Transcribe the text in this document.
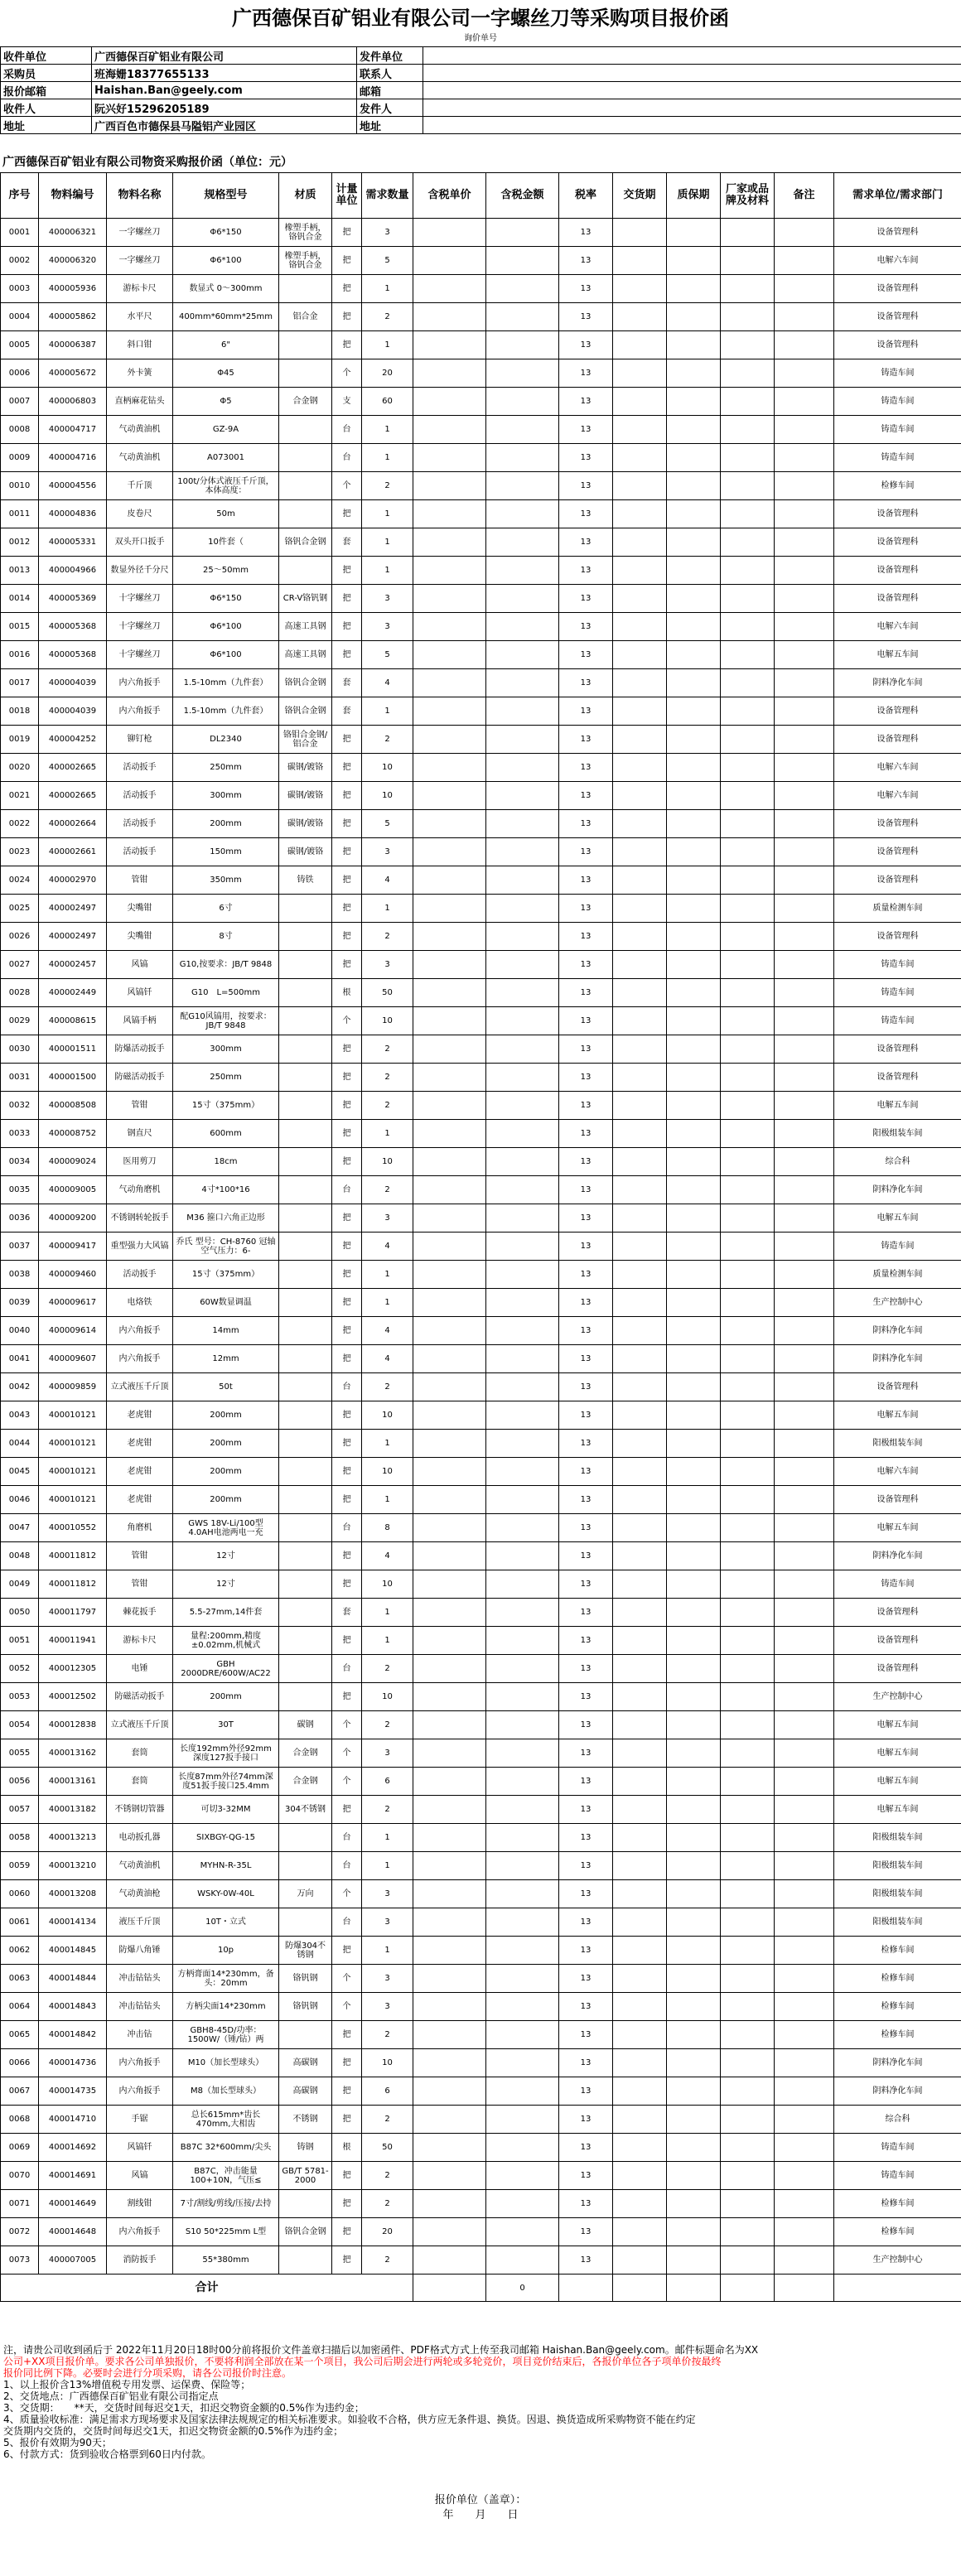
广西德保百矿铝业有限公司一字螺丝刀等采购项目报价函
询价单号
收件单位	广西德保百矿铝业有限公司	发件单位	
采购员	班海姗18377655133	联系人	
报价邮箱	Haishan.Ban@geely.com	邮箱	
收件人	阮兴好15296205189	发件人	
地址	广西百色市德保县马隘铝产业园区	地址	
广西德保百矿铝业有限公司物资采购报价函（单位：元）
序号	物料编号	物料名称	规格型号	材质	计量单位	需求数量	含税单价	含税金额	税率	交货期	质保期	厂家或品牌及材料	备注	需求单位/需求部门
0001	400006321	一字螺丝刀	Φ6*150	橡塑手柄，铬钒合金	把	3			13					设备管理科
0002	400006320	一字螺丝刀	Φ6*100	橡塑手柄，铬钒合金	把	5			13					电解六车间
0003	400005936	游标卡尺	数显式 0～300mm		把	1			13					设备管理科
0004	400005862	水平尺	400mm*60mm*25mm	铝合金	把	2			13					设备管理科
0005	400006387	斜口钳	6"		把	1			13					设备管理科
0006	400005672	外卡簧	Φ45		个	20			13					铸造车间
0007	400006803	直柄麻花钻头	Φ5	合金钢	支	60			13					铸造车间
0008	400004717	气动黄油机	GZ-9A		台	1			13					铸造车间
0009	400004716	气动黄油机	A073001		台	1			13					铸造车间
0010	400004556	千斤顶	100t/分体式液压千斤顶，本体高度：		个	2			13					检修车间
0011	400004836	皮卷尺	50m		把	1			13					设备管理科
0012	400005331	双头开口扳手	10件套（	铬钒合金钢	套	1			13					设备管理科
0013	400004966	数显外径千分尺	25～50mm		把	1			13					设备管理科
0014	400005369	十字螺丝刀	Φ6*150	CR-V铬钒钢	把	3			13					设备管理科
0015	400005368	十字螺丝刀	Φ6*100	高速工具钢	把	3			13					电解六车间
0016	400005368	十字螺丝刀	Φ6*100	高速工具钢	把	5			13					电解五车间
0017	400004039	内六角扳手	1.5-10mm（九件套）	铬钒合金钢	套	4			13					阴料净化车间
0018	400004039	内六角扳手	1.5-10mm（九件套）	铬钒合金钢	套	1			13					设备管理科
0019	400004252	铆钉枪	DL2340	铬钼合金钢/铝合金	把	2			13					设备管理科
0020	400002665	活动扳手	250mm	碳钢/镀铬	把	10			13					电解六车间
0021	400002665	活动扳手	300mm	碳钢/镀铬	把	10			13					电解六车间
0022	400002664	活动扳手	200mm	碳钢/镀铬	把	5			13					设备管理科
0023	400002661	活动扳手	150mm	碳钢/镀铬	把	3			13					设备管理科
0024	400002970	管钳	350mm	铸铁	把	4			13					设备管理科
0025	400002497	尖嘴钳	6寸		把	1			13					质量检测车间
0026	400002497	尖嘴钳	8寸		把	2			13					设备管理科
0027	400002457	风镐	G10,按要求：JB/T 9848		把	3			13					铸造车间
0028	400002449	风镐钎	G10　L=500mm		根	50			13					铸造车间
0029	400008615	风镐手柄	配G10风镐用，按要求：JB/T 9848		个	10			13					铸造车间
0030	400001511	防爆活动扳手	300mm		把	2			13					设备管理科
0031	400001500	防磁活动扳手	250mm		把	2			13					设备管理科
0032	400008508	管钳	15寸（375mm）		把	2			13					电解五车间
0033	400008752	钢直尺	600mm		把	1			13					阳极组装车间
0034	400009024	医用剪刀	18cm		把	10			13					综合科
0035	400009005	气动角磨机	4寸*100*16		台	2			13					阴料净化车间
0036	400009200	不锈钢转轮扳手	M36 箍口六角正边形		把	3			13					电解五车间
0037	400009417	重型强力大风镐	乔氏 型号：CH-8760 冠轴 空气压力：6-		把	4			13					铸造车间
0038	400009460	活动扳手	15寸（375mm）		把	1			13					质量检测车间
0039	400009617	电烙铁	60W数显调温		把	1			13					生产控制中心
0040	400009614	内六角扳手	14mm		把	4			13					阴料净化车间
0041	400009607	内六角扳手	12mm		把	4			13					阴料净化车间
0042	400009859	立式液压千斤顶	50t		台	2			13					设备管理科
0043	400010121	老虎钳	200mm		把	10			13					电解五车间
0044	400010121	老虎钳	200mm		把	1			13					阳极组装车间
0045	400010121	老虎钳	200mm		把	10			13					电解六车间
0046	400010121	老虎钳	200mm		把	1			13					设备管理科
0047	400010552	角磨机	GWS 18V-Li/100型 4.0AH电池两电一充		台	8			13					电解五车间
0048	400011812	管钳	12寸		把	4			13					阴料净化车间
0049	400011812	管钳	12寸		把	10			13					铸造车间
0050	400011797	棘花扳手	5.5-27mm,14件套		套	1			13					设备管理科
0051	400011941	游标卡尺	量程:200mm,精度±0.02mm,机械式		把	1			13					设备管理科
0052	400012305	电锤	GBH 2000DRE/600W/AC22		台	2			13					设备管理科
0053	400012502	防磁活动扳手	200mm		把	10			13					生产控制中心
0054	400012838	立式液压千斤顶	30T	碳钢	个	2			13					电解五车间
0055	400013162	套筒	长度192mm外径92mm 深度127扳手接口	合金钢	个	3			13					电解五车间
0056	400013161	套筒	长度87mm外径74mm深度51扳手接口25.4mm	合金钢	个	6			13					电解五车间
0057	400013182	不锈钢切管器	可切3-32MM	304不锈钢	把	2			13					电解五车间
0058	400013213	电动扳孔器	SIXBGY-QG-15		台	1			13					阳极组装车间
0059	400013210	气动黄油机	MYHN-R-35L		台	1			13					阳极组装车间
0060	400013208	气动黄油枪	WSKY-0W-40L	万向	个	3			13					阳极组装车间
0061	400014134	液压千斤顶	10T・立式		台	3			13					阳极组装车间
0062	400014845	防爆八角锤	10p	防爆304不锈钢	把	1			13					检修车间
0063	400014844	冲击钻钻头	方柄膏面14*230mm，备头：20mm	铬钒钢	个	3			13					检修车间
0064	400014843	冲击钻钻头	方柄尖面14*230mm	铬钒钢	个	3			13					检修车间
0065	400014842	冲击钻	GBH8-45D/功率：1500W/（锤/钻）两		把	2			13					检修车间
0066	400014736	内六角扳手	M10（加长型球头）	高碳钢	把	10			13					阴料净化车间
0067	400014735	内六角扳手	M8（加长型球头）	高碳钢	把	6			13					阴料净化车间
0068	400014710	手锯	总长615mm*齿长470mm,大相齿	不锈钢	把	2			13					综合科
0069	400014692	风镐钎	B87C 32*600mm/尖头	铸钢	根	50			13					铸造车间
0070	400014691	风镐	B87C，冲击能量100+10N，气压≤	GB/T 5781-2000	把	2			13					铸造车间
0071	400014649	割线钳	7寸/割线/剪线/压接/去持		把	2			13					检修车间
0072	400014648	内六角扳手	S10 50*225mm L型	铬钒合金钢	把	20			13					检修车间
0073	400007005	消防扳手	55*380mm		把	2			13					生产控制中心
合计								0						
注，请贵公司收到函后于 2022年11月20日18时00分前将报价文件盖章扫描后以加密函件、PDF格式方式上传至我司邮箱 Haishan.Ban@geely.com。邮件标题命名为XX
公司+XX项目报价单。要求各公司单独报价，不要将利润全部放在某一个项目，我公司后期会进行两轮或多轮竞价，项目竞价结束后，各报价单位各子项单价按最终
报价同比例下降。必要时会进行分项采购，请各公司报价时注意。
1、以上报价含13%增值税专用发票、运保费、保险等；
2、交货地点：广西德保百矿铝业有限公司指定点
3、交货期：　　**天，交货时间每迟交1天，扣迟交物资金额的0.5%作为违约金；
4、质量验收标准：满足需求方现场要求及国家法律法规规定的相关标准要求。如验收不合格，供方应无条件退、换货。因退、换货造成所采购物资不能在约定
交货期内交货的，交货时间每迟交1天，扣迟交物资金额的0.5%作为违约金；
5、报价有效期为90天；
6、付款方式：货到验收合格票到60日内付款。
报价单位（盖章）：
年　　月　　日
